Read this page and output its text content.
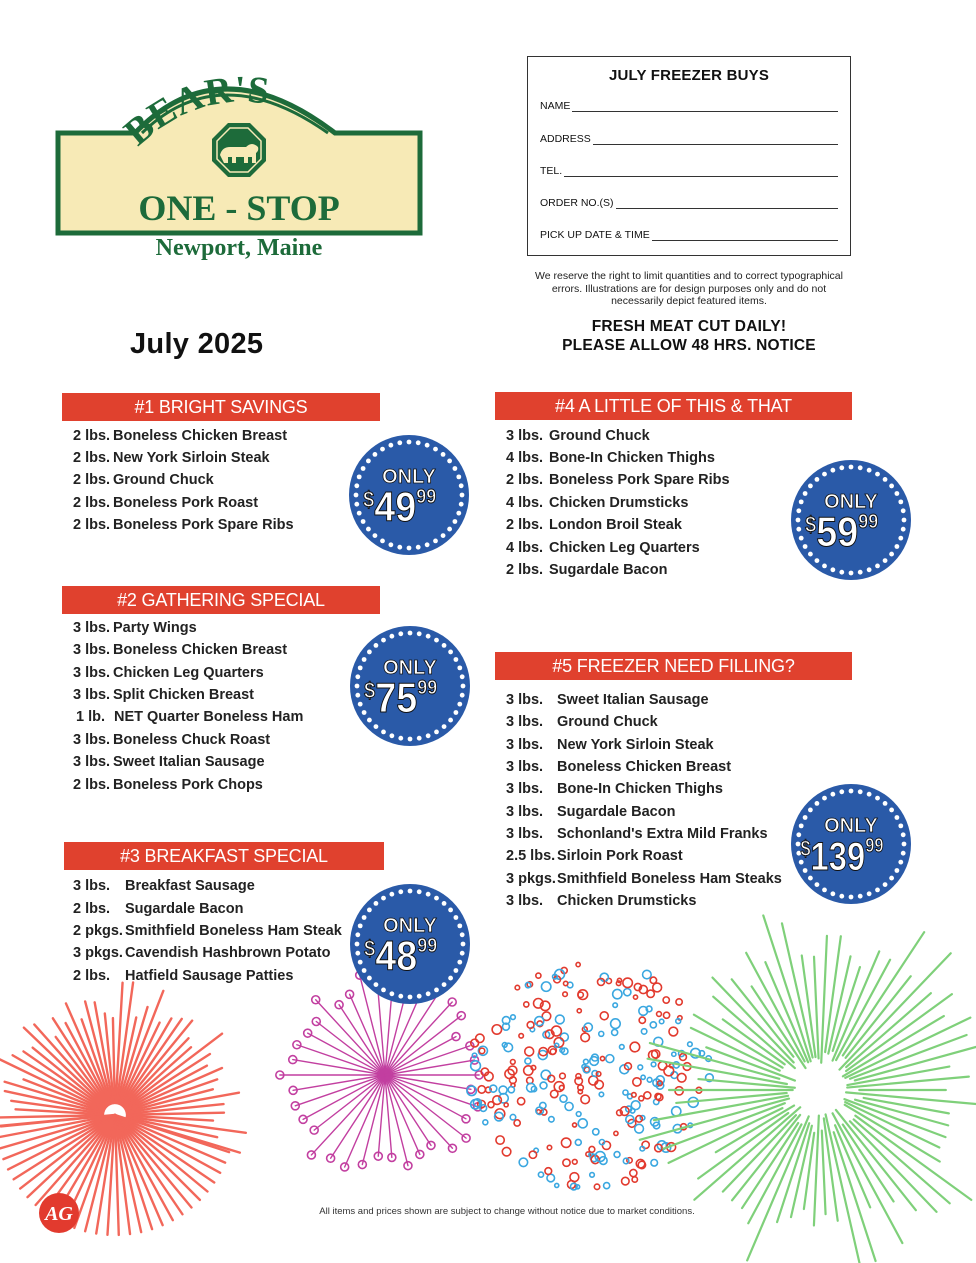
BEAR'S
ONE - STOP
Newport, Maine
JULY FREEZER BUYS
NAME
ADDRESS
TEL.
ORDER NO.(S)
PICK UP DATE & TIME
We reserve the right to limit quantities and to correct typographical errors. Illustrations are for design purposes only and do not necessarily depict featured items.
FRESH MEAT CUT DAILY!
PLEASE ALLOW 48 HRS. NOTICE
July 2025
#1 BRIGHT SAVINGS
2 lbs. Boneless Chicken Breast
2 lbs. New York Sirloin Steak
2 lbs. Ground Chuck
2 lbs. Boneless Pork Roast
2 lbs. Boneless Pork Spare Ribs
#2 GATHERING SPECIAL
3 lbs. Party Wings
3 lbs. Boneless Chicken Breast
3 lbs. Chicken Leg Quarters
3 lbs. Split Chicken Breast
1 lb. NET Quarter Boneless Ham
3 lbs. Boneless Chuck Roast
3 lbs. Sweet Italian Sausage
2 lbs. Boneless Pork Chops
#3 BREAKFAST SPECIAL
3 lbs.	Breakfast Sausage
2 lbs.	Sugardale Bacon
2 pkgs. Smithfield Boneless Ham Steak
3 pkgs. Cavendish Hashbrown Potato
2 lbs.	Hatfield Sausage Patties
#4 A LITTLE OF THIS & THAT
3 lbs. Ground Chuck
4 lbs. Bone-In Chicken Thighs
2 lbs. Boneless Pork Spare Ribs
4 lbs. Chicken Drumsticks
2 lbs. London Broil Steak
4 lbs. Chicken Leg Quarters
2 lbs. Sugardale Bacon
#5 FREEZER NEED FILLING?
3 lbs. Sweet Italian Sausage
3 lbs. Ground Chuck
3 lbs. New York Sirloin Steak
3 lbs. Boneless Chicken Breast
3 lbs. Bone-In Chicken Thighs
3 lbs. Sugardale Bacon
3 lbs. Schonland's Extra Mild Franks
2.5 lbs. Sirloin Pork Roast
3 pkgs. Smithfield Boneless Ham Steaks
3 lbs. Chicken Drumsticks
ONLY
$^{\$}49^{99}$
ONLY
$^{\$}75^{99}$
ONLY
$^{\$}48^{99}$
ONLY
$^{\$}59^{99}$
ONLY
$^{\$}139^{99}$
All items and prices shown are subject to change without notice due to market conditions.
AG
